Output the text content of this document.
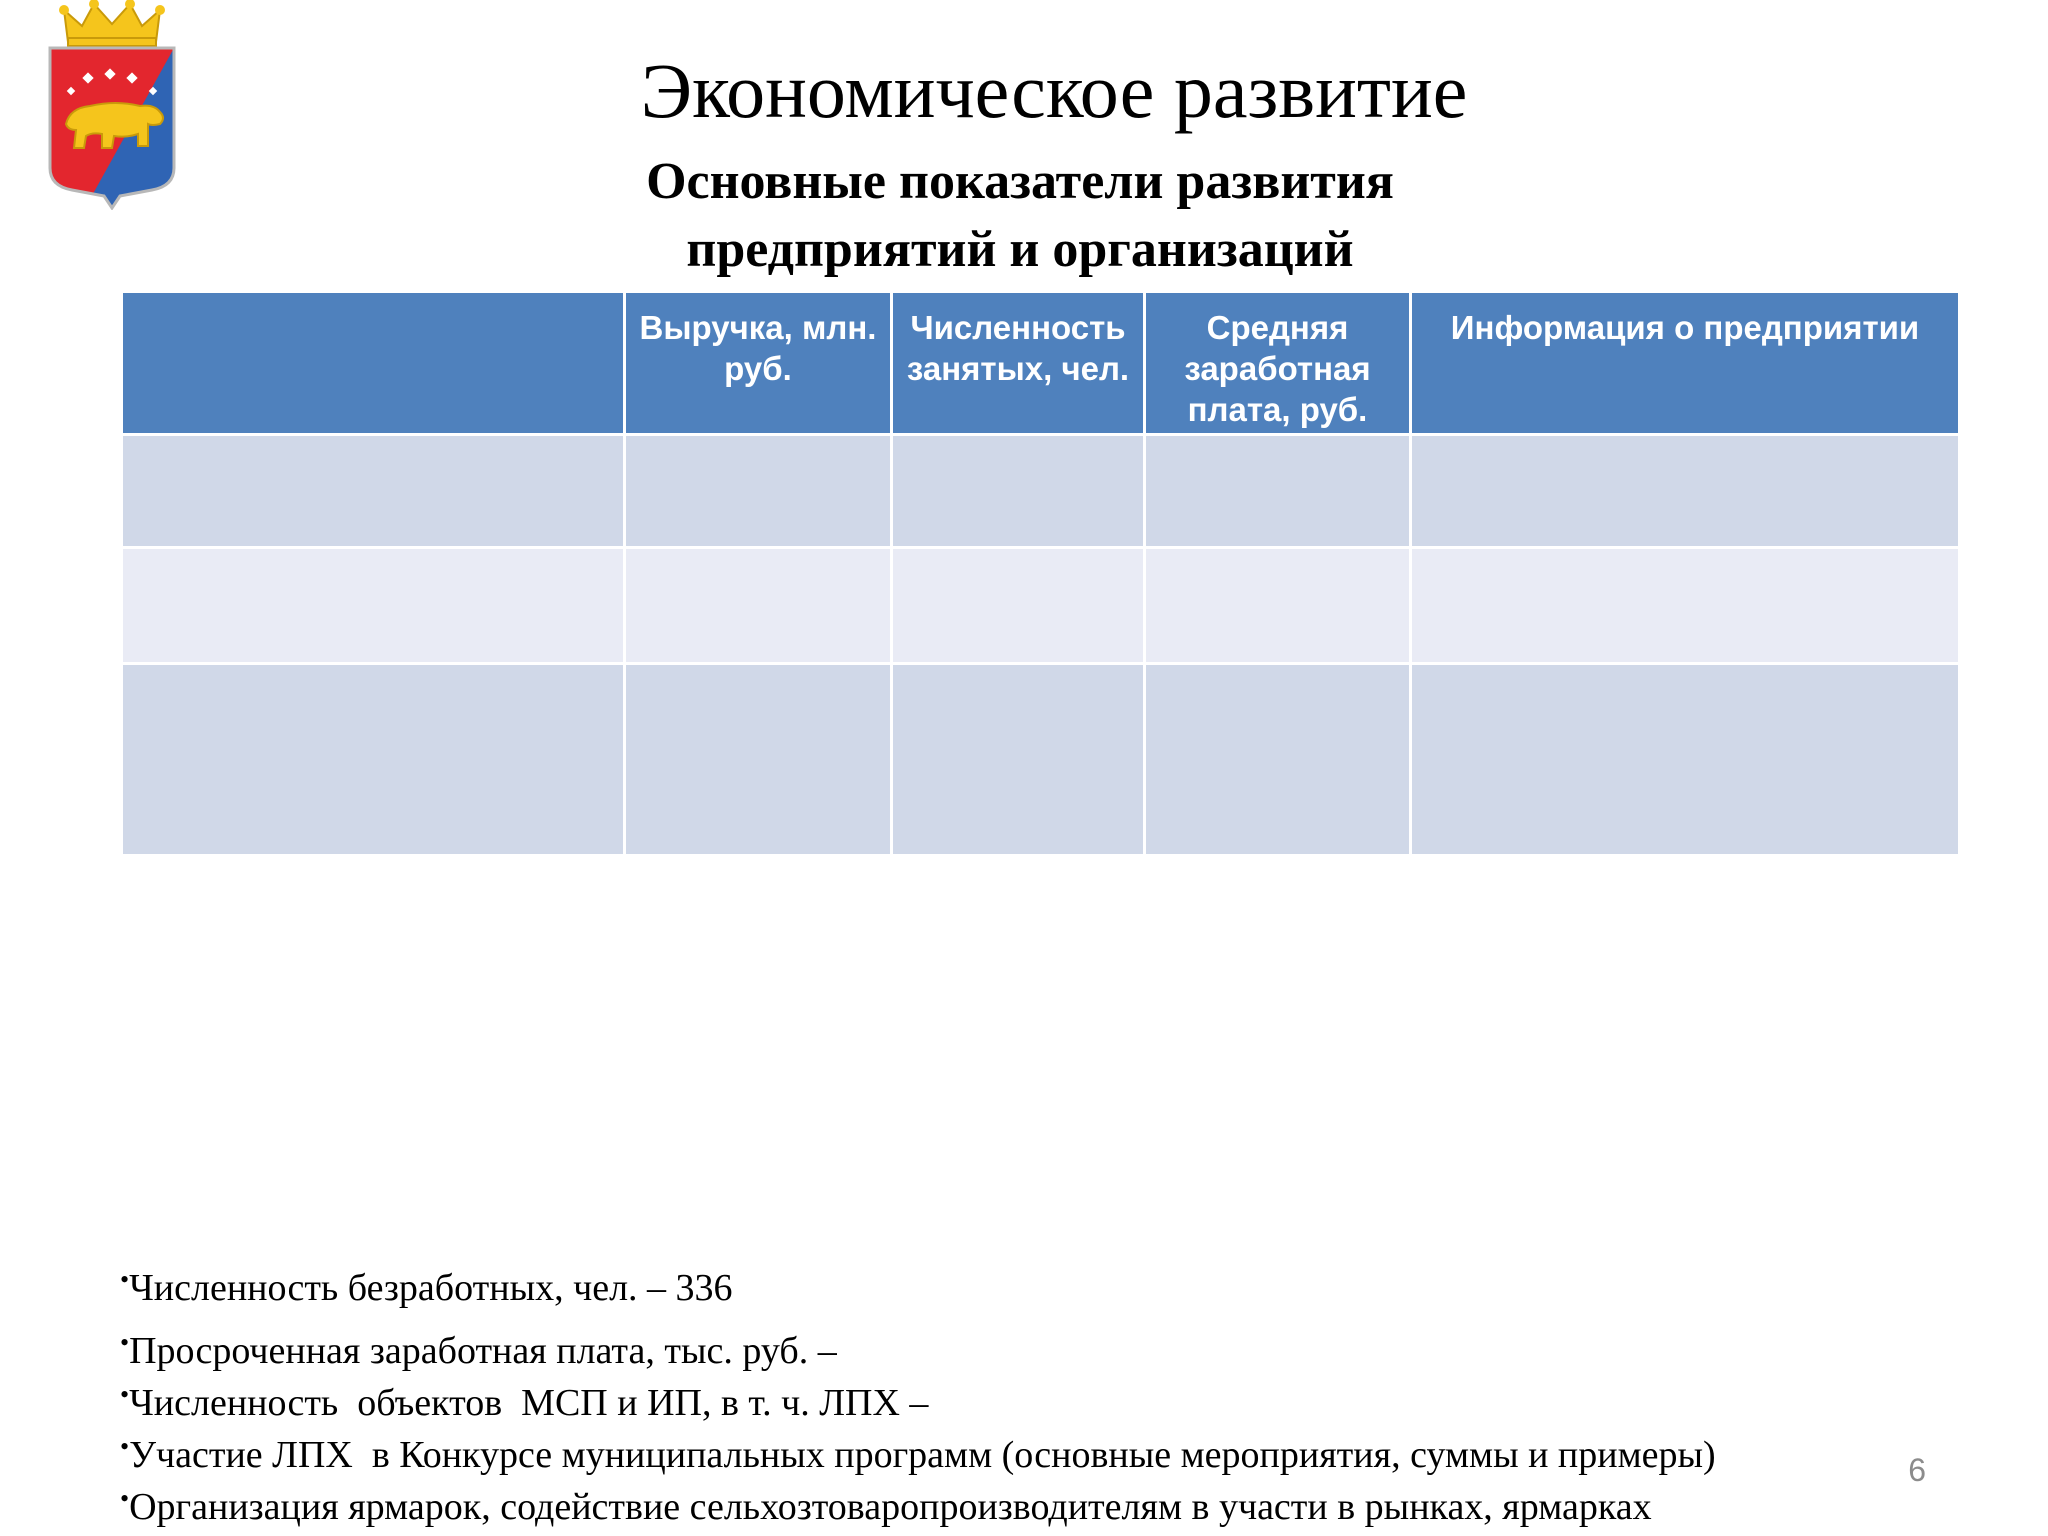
Экономическое развитие
Основные показатели развития
предприятий и организаций
	Выручка, млн. руб.	Численность занятых, чел.	Средняя заработная плата, руб.	Информация о предприятии

•Численность безработных, чел. – 336
•Просроченная заработная плата, тыс. руб. –
•Численность  объектов  МСП и ИП, в т. ч. ЛПХ –
•Участие ЛПХ  в Конкурсе муниципальных программ (основные мероприятия, суммы и примеры)
•Организация ярмарок, содействие сельхозтоваропроизводителям в участи в рынках, ярмарках
6
